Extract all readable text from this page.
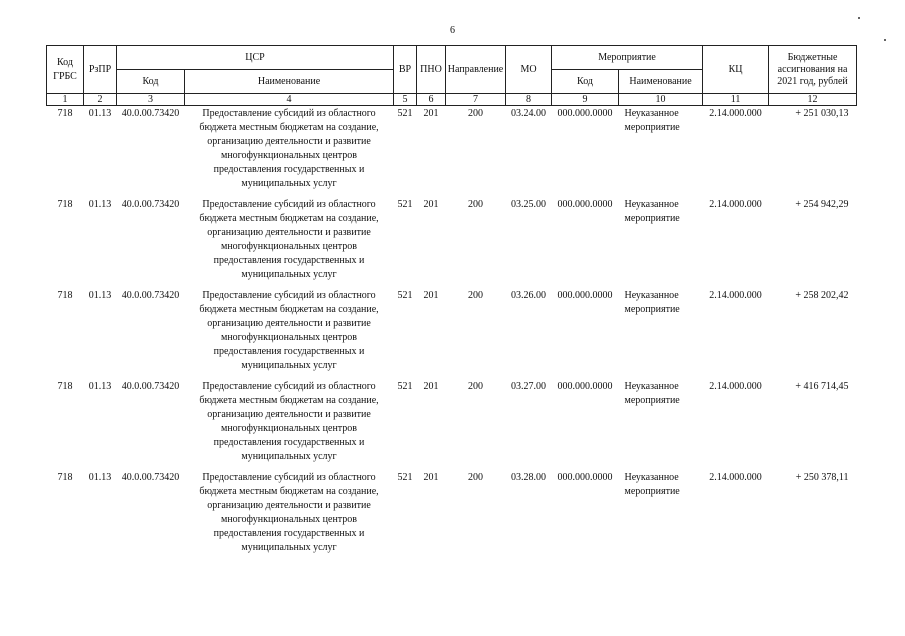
6
Код ГРБС	РзПР	ЦСР		ВР	ПНО	Направление	МО	Мероприятие		КЦ	Бюджетные ассигнования на 2021 год, рублей
		Код	Наименование					Код	Наименование		
1	2	3	4	5	6	7	8	9	10	11	12
718	01.13	40.0.00.73420	Предоставление субсидий из областного бюджета местным бюджетам на создание, организацию деятельности и развитие многофункциональных центров предоставления государственных и муниципальных услуг	521	201	200	03.24.00	000.000.0000	Неуказанное мероприятие	2.14.000.000	+ 251 030,13
718	01.13	40.0.00.73420	Предоставление субсидий из областного бюджета местным бюджетам на создание, организацию деятельности и развитие многофункциональных центров предоставления государственных и муниципальных услуг	521	201	200	03.25.00	000.000.0000	Неуказанное мероприятие	2.14.000.000	+ 254 942,29
718	01.13	40.0.00.73420	Предоставление субсидий из областного бюджета местным бюджетам на создание, организацию деятельности и развитие многофункциональных центров предоставления государственных и муниципальных услуг	521	201	200	03.26.00	000.000.0000	Неуказанное мероприятие	2.14.000.000	+ 258 202,42
718	01.13	40.0.00.73420	Предоставление субсидий из областного бюджета местным бюджетам на создание, организацию деятельности и развитие многофункциональных центров предоставления государственных и муниципальных услуг	521	201	200	03.27.00	000.000.0000	Неуказанное мероприятие	2.14.000.000	+ 416 714,45
718	01.13	40.0.00.73420	Предоставление субсидий из областного бюджета местным бюджетам на создание, организацию деятельности и развитие многофункциональных центров предоставления государственных и муниципальных услуг	521	201	200	03.28.00	000.000.0000	Неуказанное мероприятие	2.14.000.000	+ 250 378,11
